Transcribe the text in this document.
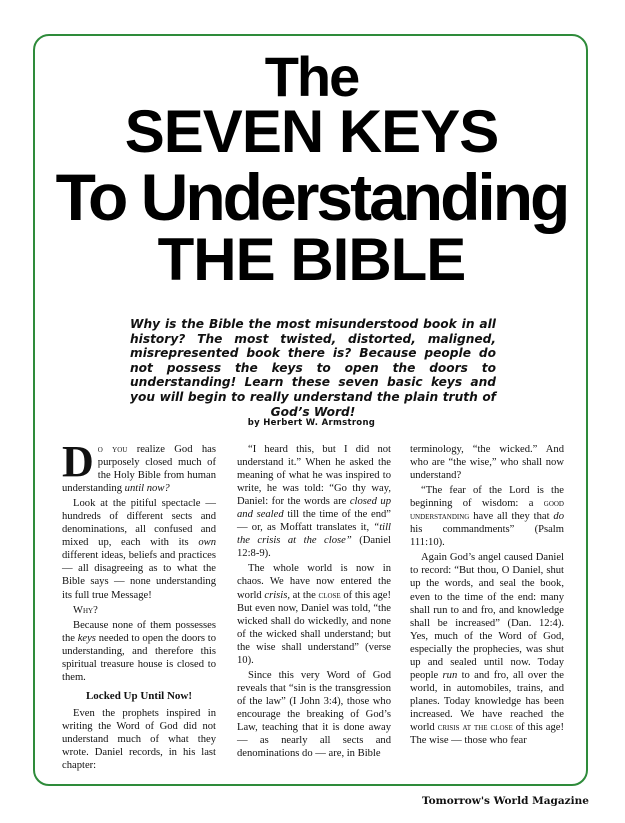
The
SEVEN KEYS
To Understanding
THE BIBLE
Why is the Bible the most misunderstood book in all history? The most twisted, distorted, maligned, misrepresented book there is? Because people do not possess the keys to open the doors to understanding! Learn these seven basic keys and you will begin to really understand the plain truth of God’s Word!
by Herbert W. Armstrong

Do you realize God has purposely closed much of the Holy Bible from human understanding until now?

Look at the pitiful spectacle — hundreds of different sects and denominations, all confused and mixed up, each with its own different ideas, beliefs and practices — all disagreeing as to what the Bible says — none understanding its full true Message!

Why?

Because none of them possesses the keys needed to open the doors to understanding, and therefore this spiritual treasure house is closed to them.

Locked Up Until Now!

Even the prophets inspired in writing the Word of God did not understand much of what they wrote. Daniel records, in his last chapter:

“I heard this, but I did not understand it.” When he asked the meaning of what he was inspired to write, he was told: “Go thy way, Daniel: for the words are closed up and sealed till the time of the end” — or, as Moffatt translates it, “till the crisis at the close” (Daniel 12:8-9).

The whole world is now in chaos. We have now entered the world crisis, at the close of this age! But even now, Daniel was told, “the wicked shall do wickedly, and none of the wicked shall understand; but the wise shall understand” (verse 10).

Since this very Word of God reveals that “sin is the transgression of the law” (I John 3:4), those who encourage the breaking of God’s Law, teaching that it is done away — as nearly all sects and denominations do — are, in Bible

terminology, “the wicked.” And who are “the wise,” who shall now understand?

“The fear of the Lord is the beginning of wisdom: a good understanding have all they that do his commandments” (Psalm 111:10).

Again God’s angel caused Daniel to record: “But thou, O Daniel, shut up the words, and seal the book, even to the time of the end: many shall run to and fro, and knowledge shall be increased” (Dan. 12:4). Yes, much of the Word of God, especially the prophecies, was shut up and sealed until now. Today people run to and fro, all over the world, in automobiles, trains, and planes. Today knowledge has been increased. We have reached the world crisis at the close of this age! The wise — those who fear

Tomorrow's World Magazine
